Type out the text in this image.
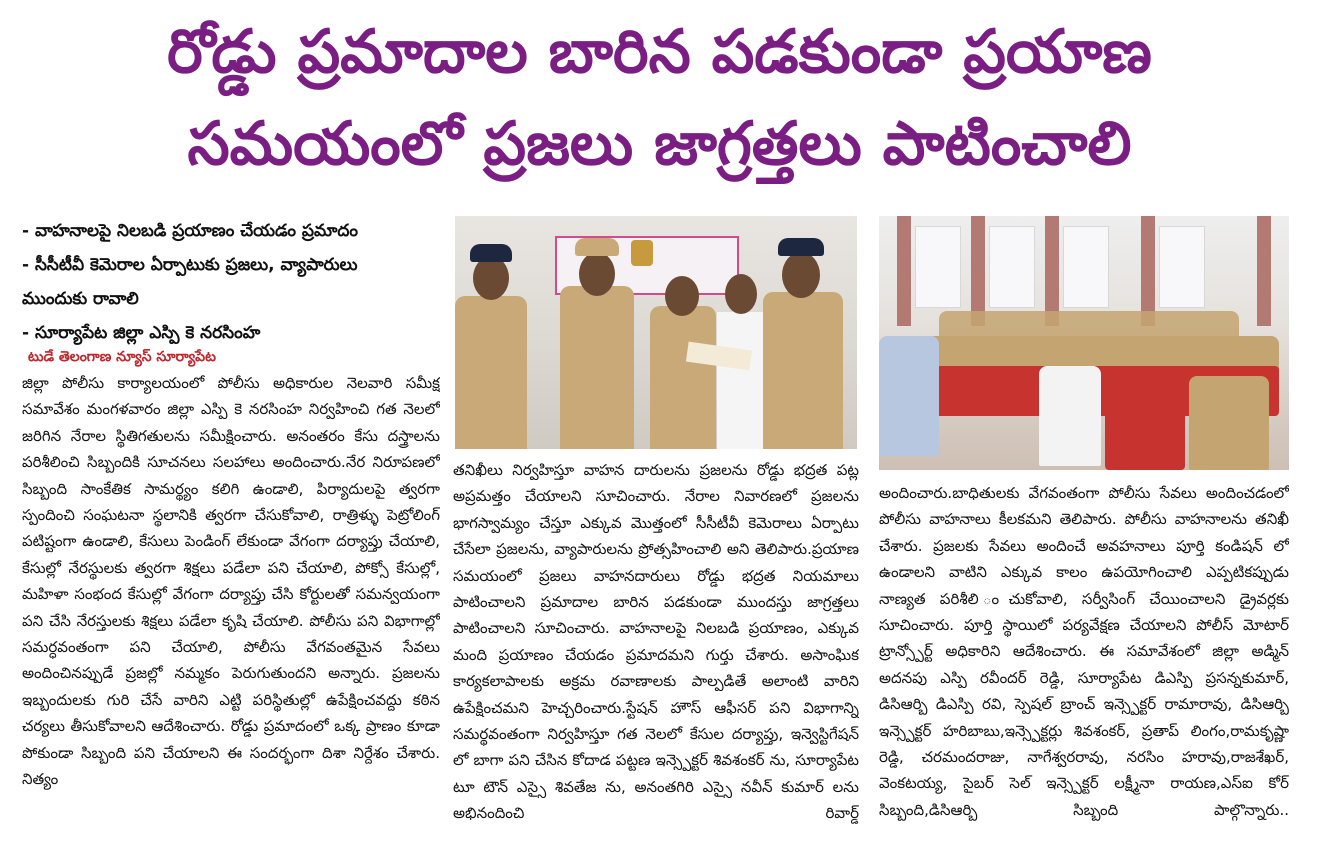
రోడ్డు ప్రమాదాల బారిన పడకుండా ప్రయాణ
సమయంలో ప్రజలు జాగ్రత్తలు పాటించాలి
- వాహనాలపై నిలబడి ప్రయాణం చేయడం ప్రమాదం
- సీసీటీవీ కెమెరాల ఏర్పాటుకు ప్రజలు, వ్యాపారులు
ముందుకు రావాలి
- సూర్యాపేట జిల్లా ఎస్పి కె నరసింహ
టుడే తెలంగాణ న్యూస్ సూర్యాపేట

జిల్లా పోలీసు కార్యాలయంలో పోలీసు అధికారుల నెలవారి సమీక్ష సమావేశం మంగళవారం జిల్లా ఎస్పి కె నరసింహ నిర్వహించి గత నెలలో జరిగిన నేరాల స్థితిగతులను సమీక్షించారు. అనంతరం కేసు దస్త్రాలను పరిశీలించి సిబ్బందికి సూచనలు సలహాలు అందించారు.నేర నిరూపణలో సిబ్బంది సాంకేతిక సామర్థ్యం కలిగి ఉండాలి, పిర్యాదులపై త్వరగా స్పందించి సంఘటనా స్థలానికి త్వరగా చేసుకోవాలి, రాత్రిళ్ళు పెట్రోలింగ్ పటిష్టంగా ఉండాలి, కేసులు పెండింగ్ లేకుండా వేగంగా దర్యాప్తు చేయాలి, కేసుల్లో నేరస్థులకు త్వరగా శిక్షలు పడేలా పని చేయాలి, పోక్సో కేసుల్లో, మహిళా సంభంద కేసుల్లో వేగంగా దర్యాప్తు చేసి కోర్టులతో సమన్వయంగా పని చేసి నేరస్తులకు శిక్షలు పడేలా కృషి చేయాలి. పోలీసు పని విభాగాల్లో సమర్ధవంతంగా పని చేయాలి, పోలీసు వేగవంతమైన సేవలు అందించినప్పుడే ప్రజల్లో నమ్మకం పెరుగుతుందని అన్నారు. ప్రజలను ఇబ్బందులకు గురి చేసే వారిని ఎట్టి పరిస్థితుల్లో ఉపేక్షించవద్దు కఠిన చర్యలు తీసుకోవాలని ఆదేశించారు. రోడ్డు ప్రమాదంలో ఒక్క ప్రాణం కూడా పోకుండా సిబ్బంది పని చేయాలని ఈ సందర్భంగా దిశా నిర్దేశం చేశారు. నిత్యం

తనిఖీలు నిర్వహిస్తూ వాహన దారులను ప్రజలను రోడ్డు భద్రత పట్ల అప్రమత్తం చేయాలని సూచించారు. నేరాల నివారణలో ప్రజలను భాగస్వామ్యం చేస్తూ ఎక్కువ మొత్తంలో సీసీటీవీ కెమెరాలు ఏర్పాటు చేసేలా ప్రజలను, వ్యాపారులను ప్రోత్సహించాలి అని తెలిపారు.ప్రయాణ సమయంలో ప్రజలు వాహనదారులు రోడ్డు భద్రత నియమాలు పాటించాలని ప్రమాదాల బారిన పడకుండా ముందస్తు జాగ్రత్తలు పాటించాలని సూచించారు. వాహనాలపై నిలబడి ప్రయాణం, ఎక్కువ మంది ప్రయాణం చేయడం ప్రమాదమని గుర్తు చేశారు. అసాంఘిక కార్యకలాపాలకు అక్రమ రవాణాలకు పాల్పడితే అలాంటి వారిని ఉపేక్షించమని హెచ్చరించారు.స్టేషన్ హౌస్ ఆఫీసర్ పని విభాగాన్ని సమర్థవంతంగా నిర్వహిస్తూ గత నెలలో కేసుల దర్యాప్తు, ఇన్వెస్టిగేషన్ లో బాగా పని చేసిన కోదాడ పట్టణ ఇన్స్పెక్టర్ శివశంకర్ ను, సూర్యాపేట టూ టౌన్ ఎస్సై శివతేజ ను, అనంతగిరి ఎస్సై నవీన్ కుమార్ లను అభినందించి రివార్డ్

అందించారు.బాధితులకు వేగవంతంగా పోలీసు సేవలు అందించడంలో పోలీసు వాహనాలు కీలకమని తెలిపారు. పోలీసు వాహనాలను తనిఖీ చేశారు. ప్రజలకు సేవలు అందించే అవహనాలు పూర్తి కండిషన్ లో ఉండాలని వాటిని ఎక్కువ కాలం ఉపయోగించాలి ఎప్పటికప్పుడు నాణ్యత పరిశీలి ంచుకోవాలి, సర్వీసింగ్ చేయించాలని డ్రైవర్లకు సూచించారు. పూర్తి స్థాయిలో పర్యవేక్షణ చేయాలని పోలీస్ మోటార్ ట్రాన్స్పోర్ట్ అధికారిని ఆదేశించారు. ఈ సమావేశంలో జిల్లా అడ్మిన్ అదనపు ఎస్పి రవీందర్ రెడ్డి, సూర్యాపేట డిఎస్పి ప్రసన్నకుమార్, డిసిఆర్బి డిఎస్పి రవి, స్పెషల్ బ్రాంచ్ ఇన్స్పెక్టర్ రామారావు, డిసిఆర్బి ఇన్స్పెక్టర్ హరిబాబు,ఇన్స్పెక్టర్లు శివశంకర్, ప్రతాప్ లింగం,రామకృష్ణా రెడ్డి, చరమందరాజు, నాగేశ్వరరావు, నరసిం హరావు,రాజశేఖర్, వెంకటయ్య, సైబర్ సెల్ ఇన్స్పెక్టర్ లక్ష్మీనా రాయణ,ఎస్ఐ కోర్ సిబ్బంది,డిసిఆర్బి సిబ్బంది పాల్గొన్నారు..
